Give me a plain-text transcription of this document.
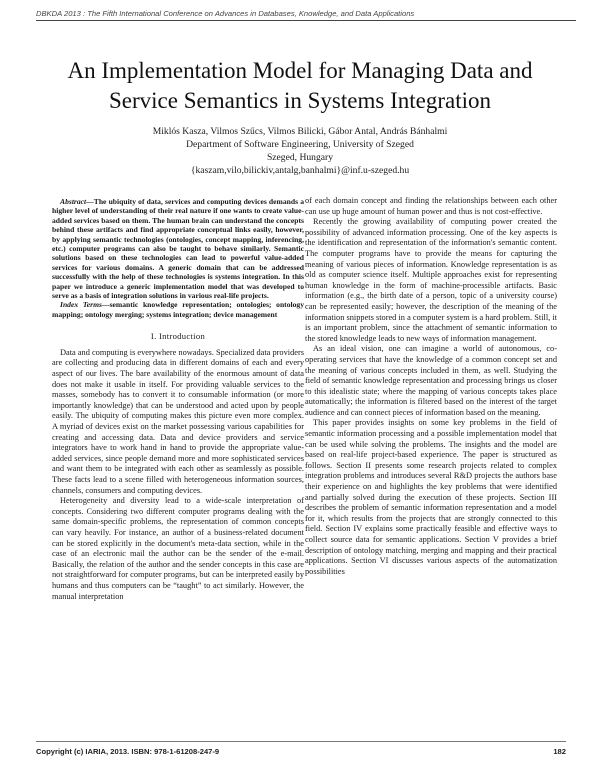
DBKDA 2013 : The Fifth International Conference on Advances in Databases, Knowledge, and Data Applications
An Implementation Model for Managing Data and
Service Semantics in Systems Integration
Miklós Kasza, Vilmos Szűcs, Vilmos Bilicki, Gábor Antal, András Bánhalmi
Department of Software Engineering, University of Szeged
Szeged, Hungary
{kaszam,vilo,bilickiv,antalg,banhalmi}@inf.u-szeged.hu

Abstract—The ubiquity of data, services and computing devices demands a higher level of understanding of their real nature if one wants to create value-added services based on them. The human brain can understand the concepts behind these artifacts and find appropriate conceptual links easily, however, by applying semantic technologies (ontologies, concept mapping, inferencing, etc.) computer programs can also be taught to behave similarly. Semantic solutions based on these technologies can lead to powerful value-added services for various domains. A generic domain that can be addressed successfully with the help of these technologies is systems integration. In this paper we introduce a generic implementation model that was developed to serve as a basis of integration solutions in various real-life projects.

Index Terms—semantic knowledge representation; ontologies; ontology mapping; ontology merging; systems integration; device management

I. Introduction

Data and computing is everywhere nowadays. Specialized data providers are collecting and producing data in different domains of each and every aspect of our lives. The bare availability of the enormous amount of data does not make it usable in itself. For providing valuable services to the masses, somebody has to convert it to consumable information (or more importantly knowledge) that can be understood and acted upon by people easily. The ubiquity of computing makes this picture even more complex. A myriad of devices exist on the market possessing various capabilities for creating and accessing data. Data and device providers and service integrators have to work hand in hand to provide the appropriate value-added services, since people demand more and more sophisticated services and want them to be integrated with each other as seamlessly as possible. These facts lead to a scene filled with heterogeneous information sources, channels, consumers and computing devices.

Heterogeneity and diversity lead to a wide-scale interpretation of concepts. Considering two different computer programs dealing with the same domain-specific problems, the representation of common concepts can vary heavily. For instance, an author of a business-related document can be stored explicitly in the document's meta-data section, while in the case of an electronic mail the author can be the sender of the e-mail. Basically, the relation of the author and the sender concepts in this case are not straightforward for computer programs, but can be interpreted easily by humans and thus computers can be “taught” to act similarly. However, the manual interpretation

of each domain concept and finding the relationships between each other can use up huge amount of human power and thus is not cost-effective.

Recently the growing availability of computing power created the possibility of advanced information processing. One of the key aspects is the identification and representation of the information's semantic content. The computer programs have to provide the means for capturing the meaning of various pieces of information. Knowledge representation is as old as computer science itself. Multiple approaches exist for representing human knowledge in the form of machine-processible artifacts. Basic information (e.g., the birth date of a person, topic of a university course) can be represented easily; however, the description of the meaning of the information snippets stored in a computer system is a hard problem. Still, it is an important problem, since the attachment of semantic information to the stored knowledge leads to new ways of information management.

As an ideal vision, one can imagine a world of autonomous, co-operating services that have the knowledge of a common concept set and the meaning of various concepts included in them, as well. Studying the field of semantic knowledge representation and processing brings us closer to this idealistic state; where the mapping of various concepts takes place automatically; the information is filtered based on the interest of the target audience and can connect pieces of information based on the meaning.

This paper provides insights on some key problems in the field of semantic information processing and a possible implementation model that can be used while solving the problems. The insights and the model are based on real-life project-based experience. The paper is structured as follows. Section II presents some research projects related to complex integration problems and introduces several R&D projects the authors base their experience on and highlights the key problems that were identified and partially solved during the execution of these projects. Section III describes the problem of semantic information representation and a model for it, which results from the projects that are strongly connected to this field. Section IV explains some practically feasible and effective ways to collect source data for semantic applications. Section V provides a brief description of ontology matching, merging and mapping and their practical applications. Section VI discusses various aspects of the automatization possibilities

Copyright (c) IARIA, 2013. ISBN: 978-1-61208-247-9	182
